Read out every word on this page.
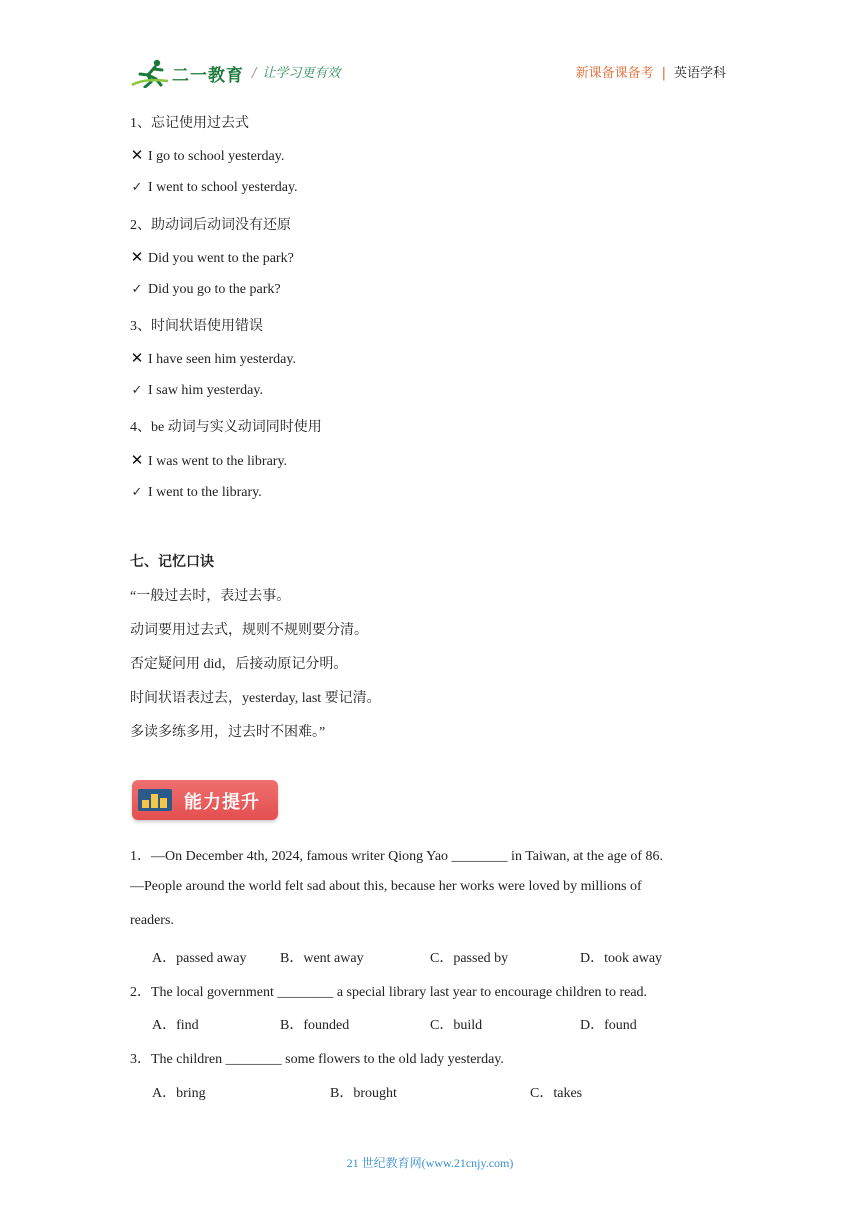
二一教育 / 让学习更有效	新课备课备考 | 英语学科
1、忘记使用过去式
✕ I go to school yesterday.
✓ I went to school yesterday.
2、助动词后动词没有还原
✕ Did you went to the park?
✓ Did you go to the park?
3、时间状语使用错误
✕ I have seen him yesterday.
✓ I saw him yesterday.
4、be 动词与实义动词同时使用
✕ I was went to the library.
✓ I went to the library.
七、记忆口诀
“一般过去时，表过去事。
动词要用过去式，规则不规则要分清。
否定疑问用 did，后接动原记分明。
时间状语表过去，yesterday, last 要记清。
多读多练多用，过去时不困难。”
能力提升
1．—On December 4th, 2024, famous writer Qiong Yao ________ in Taiwan, at the age of 86.
—People around the world felt sad about this, because her works were loved by millions of
readers.
A．passed away B．went away	C．passed by	D．took away
2．The local government ________ a special library last year to encourage children to read.
A．find	B．founded	C．build	D．found
3．The children ________ some flowers to the old lady yesterday.
A．bring	B．brought	C．takes
21 世纪教育网(www.21cnjy.com)
